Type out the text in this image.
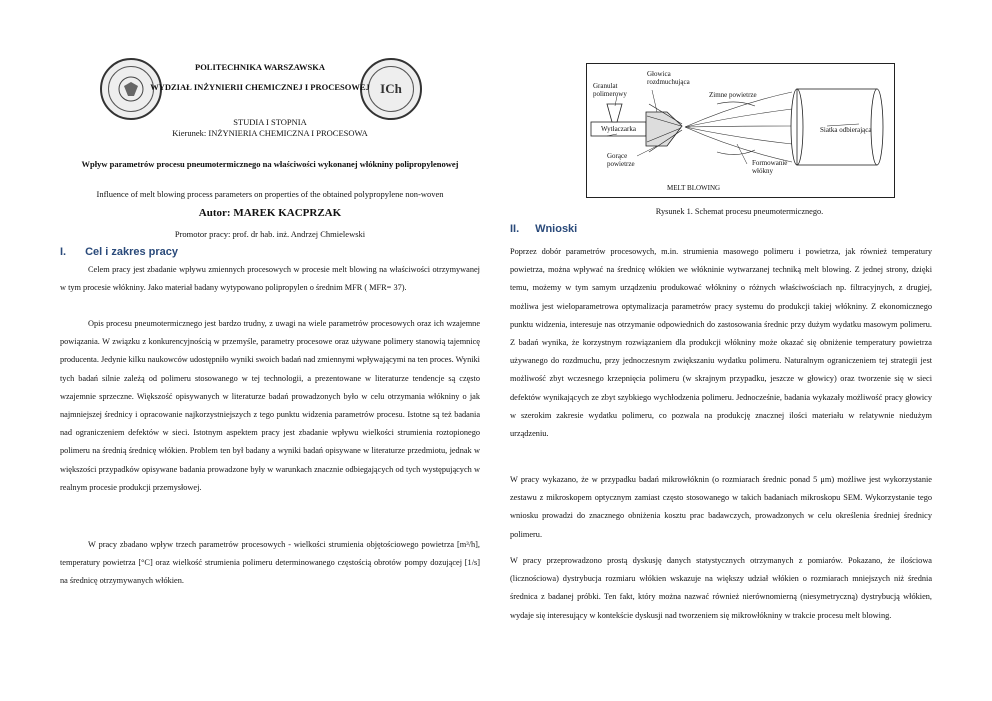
ICh
POLITECHNIKA WARSZAWSKA
WYDZIAŁ INŻYNIERII CHEMICZNEJ I PROCESOWEJ
STUDIA I STOPNIA
Kierunek: INŻYNIERIA CHEMICZNA I PROCESOWA
Wpływ parametrów procesu pneumotermicznego na właściwości wykonanej włókniny polipropylenowej
Influence of melt blowing process parameters on properties of the obtained polypropylene non-woven
Autor: MAREK KACPRZAK
Promotor pracy: prof. dr hab. inż. Andrzej Chmielewski
I. Cel i zakres pracy
Celem pracy jest zbadanie wpływu zmiennych procesowych w procesie melt blowing na właściwości otrzymywanej w tym procesie włókniny. Jako materiał badany wytypowano polipropylen o średnim MFR ( MFR= 37).
Opis procesu pneumotermicznego jest bardzo trudny, z uwagi na wiele parametrów procesowych oraz ich wzajemne powiązania. W związku z konkurencyjnością w przemyśle, parametry procesowe oraz używane polimery stanowią tajemnicę producenta. Jedynie kilku naukowców udostępniło wyniki swoich badań nad zmiennymi wpływającymi na ten proces. Wyniki tych badań silnie zależą od polimeru stosowanego w tej technologii, a prezentowane w literaturze tendencje są często wzajemnie sprzeczne. Większość opisywanych w literaturze badań prowadzonych było w celu otrzymania włókniny o jak najmniejszej średnicy i opracowanie najkorzystniejszych z tego punktu widzenia parametrów procesu. Istotne są też badania nad ograniczeniem defektów w sieci. Istotnym aspektem pracy jest zbadanie wpływu wielkości strumienia roztopionego polimeru na średnią średnicę włókien. Problem ten był badany a wyniki badań opisywane w literaturze przedmiotu, jednak w większości przypadków opisywane badania prowadzone były w warunkach znacznie odbiegających od tych występujących w realnym procesie produkcji przemysłowej.
W pracy zbadano wpływ trzech parametrów procesowych - wielkości strumienia objętościowego powietrza [m³/h], temperatury powietrza [°C] oraz wielkość strumienia polimeru determinowanego częstością obrotów pompy dozującej [1/s] na średnicę otrzymywanych włókien.
Granulat polimerowy
Głowica rozdmuchująca
Zimne powietrze
Wytłaczarka	Siatka odbierająca
Gorące powietrze	Formowanie włókny
MELT BLOWING
Rysunek 1. Schemat procesu pneumotermicznego.
II. Wnioski
Poprzez dobór parametrów procesowych, m.in. strumienia masowego polimeru i powietrza, jak również temperatury powietrza, można wpływać na średnicę włókien we włókninie wytwarzanej techniką melt blowing. Z jednej strony, dzięki temu, możemy w tym samym urządzeniu produkować włókniny o różnych właściwościach np. filtracyjnych, z drugiej, możliwa jest wieloparametrowa optymalizacja parametrów pracy systemu do produkcji takiej włókniny. Z ekonomicznego punktu widzenia, interesuje nas otrzymanie odpowiednich do zastosowania średnic przy dużym wydatku masowym polimeru. Z badań wynika, że korzystnym rozwiązaniem dla produkcji włókniny może okazać się obniżenie temperatury powietrza używanego do rozdmuchu, przy jednoczesnym zwiększaniu wydatku polimeru. Naturalnym ograniczeniem tej strategii jest możliwość zbyt wczesnego krzepnięcia polimeru (w skrajnym przypadku, jeszcze w głowicy) oraz tworzenie się w sieci defektów wynikających ze zbyt szybkiego wychłodzenia polimeru. Jednocześnie, badania wykazały możliwość pracy głowicy w szerokim zakresie wydatku polimeru, co pozwala na produkcję znacznej ilości materiału w relatywnie niedużym urządzeniu.
W pracy wykazano, że w przypadku badań mikrowłóknin (o rozmiarach średnic ponad 5 μm) możliwe jest wykorzystanie zestawu z mikroskopem optycznym zamiast często stosowanego w takich badaniach mikroskopu SEM. Wykorzystanie tego wniosku prowadzi do znacznego obniżenia kosztu prac badawczych, prowadzonych w celu określenia średniej średnicy polimeru.
W pracy przeprowadzono prostą dyskusję danych statystycznych otrzymanych z pomiarów. Pokazano, że ilościowa (licznościowa) dystrybucja rozmiaru włókien wskazuje na większy udział włókien o rozmiarach mniejszych niż średnia średnica z badanej próbki. Ten fakt, który można nazwać również nierównomierną (niesymetryczną) dystrybucją włókien, wydaje się interesujący w kontekście dyskusji nad tworzeniem się mikrowłókniny w trakcie procesu melt blowing.
